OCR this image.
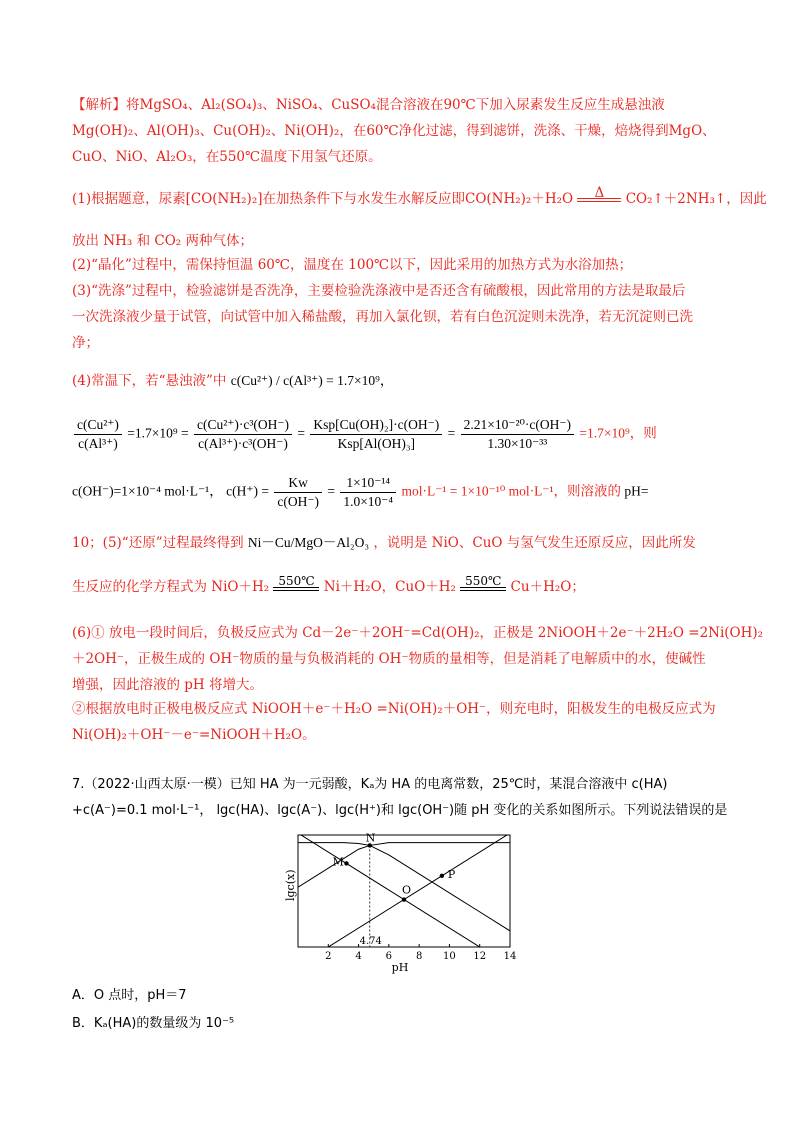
【解析】将MgSO₄、Al₂(SO₄)₃、NiSO₄、CuSO₄混合溶液在90℃下加入尿素发生反应生成悬浊液
Mg(OH)₂、Al(OH)₃、Cu(OH)₂、Ni(OH)₂，在60℃净化过滤，得到滤饼，洗涤、干燥，焙烧得到MgO、
CuO、NiO、Al₂O₃，在550℃温度下用氢气还原。
(1)根据题意，尿素[CO(NH₂)₂]在加热条件下与水发生水解反应即CO(NH₂)₂＋H₂O	Δ	CO₂↑＋2NH₃↑，因此
放出 NH₃ 和 CO₂ 两种气体；
(2)“晶化”过程中，需保持恒温 60℃，温度在 100℃以下，因此采用的加热方式为水浴加热；
(3)“洗涤”过程中，检验滤饼是否洗净，主要检验洗涤液中是否还含有硫酸根，因此常用的方法是取最后
一次洗涤液少量于试管，向试管中加入稀盐酸，再加入氯化钡，若有白色沉淀则未洗净，若无沉淀则已洗
净；
(4)常温下，若“悬浊液”中 c(Cu²⁺) / c(Al³⁺) = 1.7×10⁹，
$\frac{\text{c(Cu²⁺)}}{\text{c(Al³⁺)}} =1.7\times 10^9 = \frac{\text{c(Cu²⁺)·c³(OH⁻)}}{\text{c(Al³⁺)·c³(OH⁻)}} = \frac{\text{Ksp[Cu(OH)₂]·c(OH⁻)}}{\text{Ksp[Al(OH)₃]}} = \frac{\text{2.21×10⁻²⁰·c(OH⁻)}}{\text{1.30×10⁻³³}} =1.7\times 10^9$，则
c(OH⁻)=1×10⁻⁴ mol·L⁻¹， $c(H^+) = \frac{Kw}{c(OH^-)} = \frac{\text{1×10⁻¹⁴}}{\text{1.0×10⁻⁴}} mol\cdot L^{-1} = 1\times 10^{-10}$ mol·L⁻¹，则溶液的 pH=
10；(5)“还原”过程最终得到 Ni－Cu/MgO－Al₂O₃ ，说明是 NiO、CuO 与氢气发生还原反应，因此所发
生反应的化学方程式为 NiO＋H₂ 550℃ Ni＋H₂O，CuO＋H₂ 550℃ Cu＋H₂O；
(6)① 放电一段时间后，负极反应式为 Cd－2e⁻＋2OH⁻=Cd(OH)₂，正极是 2NiOOH＋2e⁻＋2H₂O =2Ni(OH)₂
＋2OH⁻，正极生成的 OH⁻物质的量与负极消耗的 OH⁻物质的量相等，但是消耗了电解质中的水，使碱性
增强，因此溶液的 pH 将增大。
②根据放电时正极电极反应式 NiOOH＋e⁻＋H₂O =Ni(OH)₂＋OH⁻，则充电时，阳极发生的电极反应式为
Ni(OH)₂＋OH⁻－e⁻=NiOOH＋H₂O。
7.（2022·山西太原·一模）已知 HA 为一元弱酸，Kₐ为 HA 的电离常数，25℃时，某混合溶液中 c(HA)
+c(A⁻)=0.1 mol·L⁻¹， lgc(HA)、lgc(A⁻)、lgc(H⁺)和 lgc(OH⁻)随 pH 变化的关系如图所示。下列说法错误的是
4.74
2 4 6 8 10 12 14
M
N
O
P
lgc(x)
pH
A．O 点时，pH＝7
B．Kₐ(HA)的数量级为 10⁻⁵
